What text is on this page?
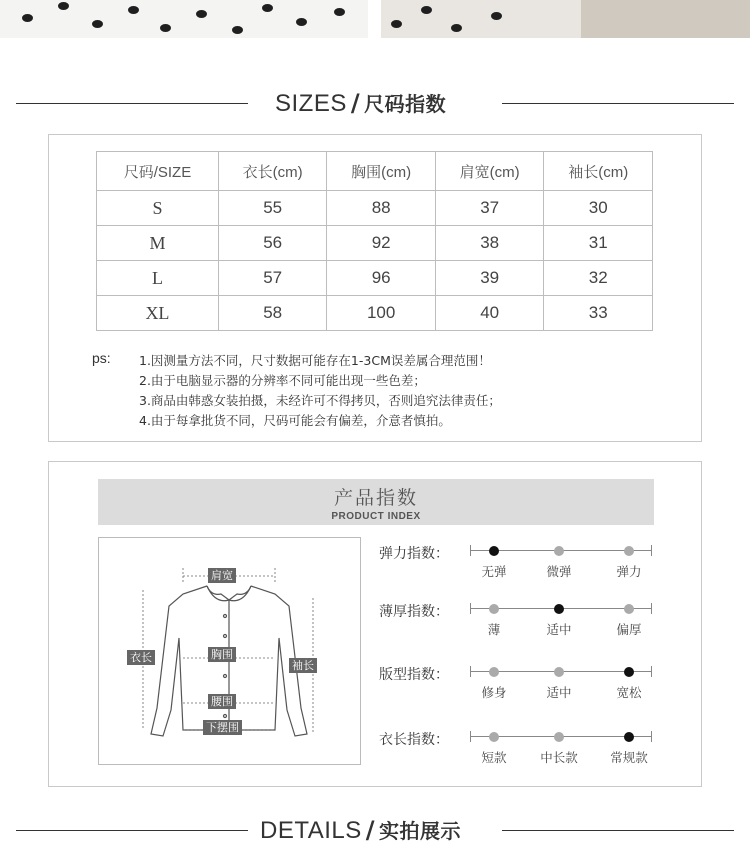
SIZES / 尺码指数
尺码/SIZE	衣长(cm)	胸围(cm)	肩宽(cm)	袖长(cm)
S	55	88	37	30
M	56	92	38	31
L	57	96	39	32
XL	58	100	40	33
ps: 1.因测量方法不同，尺寸数据可能存在1-3CM误差属合理范围！
2.由于电脑显示器的分辨率不同可能出现一些色差；
3.商品由韩惑女装拍摄，未经许可不得拷贝，否则追究法律责任；
4.由于每拿批货不同，尺码可能会有偏差，介意者慎拍。
产品指数
PRODUCT INDEX
肩宽
衣长	胸围
袖长
腰围
下摆围
弹力指数：
无弹	微弹	弹力
薄厚指数：
薄	适中	偏厚
版型指数：
修身	适中	宽松
衣长指数：
短款	中长款	常规款
DETAILS / 实拍展示
